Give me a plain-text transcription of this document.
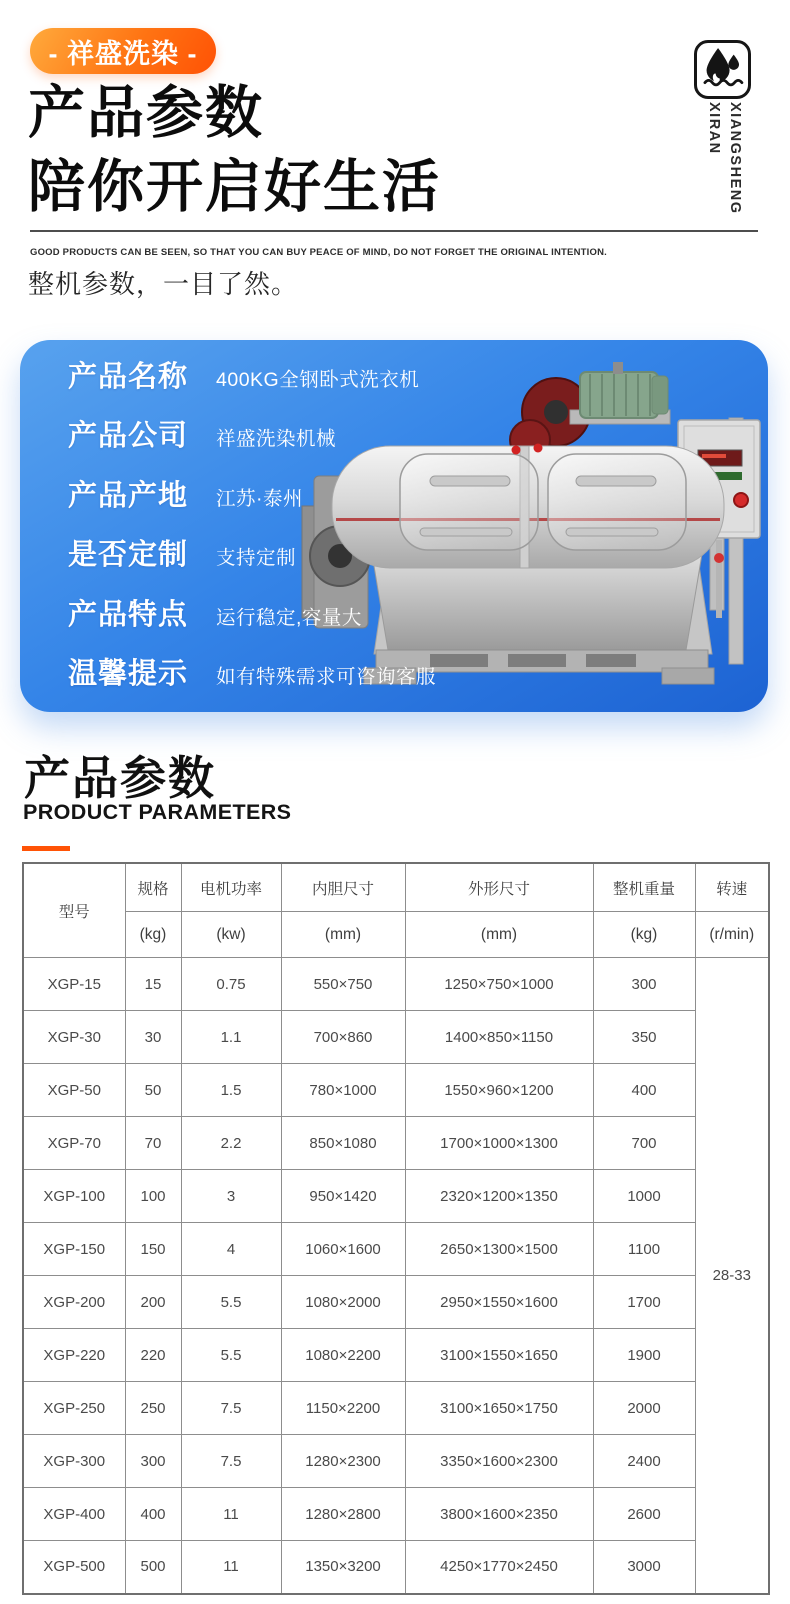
- 祥盛洗染 -
产品参数
陪你开启好生活	XIANGSHENG
XIRAN
GOOD PRODUCTS CAN BE SEEN, SO THAT YOU CAN BUY PEACE OF MIND, DO NOT FORGET THE ORIGINAL INTENTION.
整机参数，一目了然。
产品名称	400KG全钢卧式洗衣机
产品公司	祥盛洗染机械
产品产地	江苏·泰州
是否定制	支持定制
产品特点	运行稳定,容量大
温馨提示	如有特殊需求可咨询客服
产品参数
PRODUCT PARAMETERS
型号	规格	电机功率	内胆尺寸	外形尺寸	整机重量	转速
	(kg)	(kw)	(mm)	(mm)	(kg)	(r/min)
XGP-15	15	0.75	550×750	1250×750×1000	300	28-33
XGP-30	30	1.1	700×860	1400×850×1150	350	
XGP-50	50	1.5	780×1000	1550×960×1200	400	
XGP-70	70	2.2	850×1080	1700×1000×1300	700	
XGP-100	100	3	950×1420	2320×1200×1350	1000	
XGP-150	150	4	1060×1600	2650×1300×1500	1100	
XGP-200	200	5.5	1080×2000	2950×1550×1600	1700	
XGP-220	220	5.5	1080×2200	3100×1550×1650	1900	
XGP-250	250	7.5	1150×2200	3100×1650×1750	2000	
XGP-300	300	7.5	1280×2300	3350×1600×2300	2400	
XGP-400	400	11	1280×2800	3800×1600×2350	2600	
XGP-500	500	11	1350×3200	4250×1770×2450	3000	
